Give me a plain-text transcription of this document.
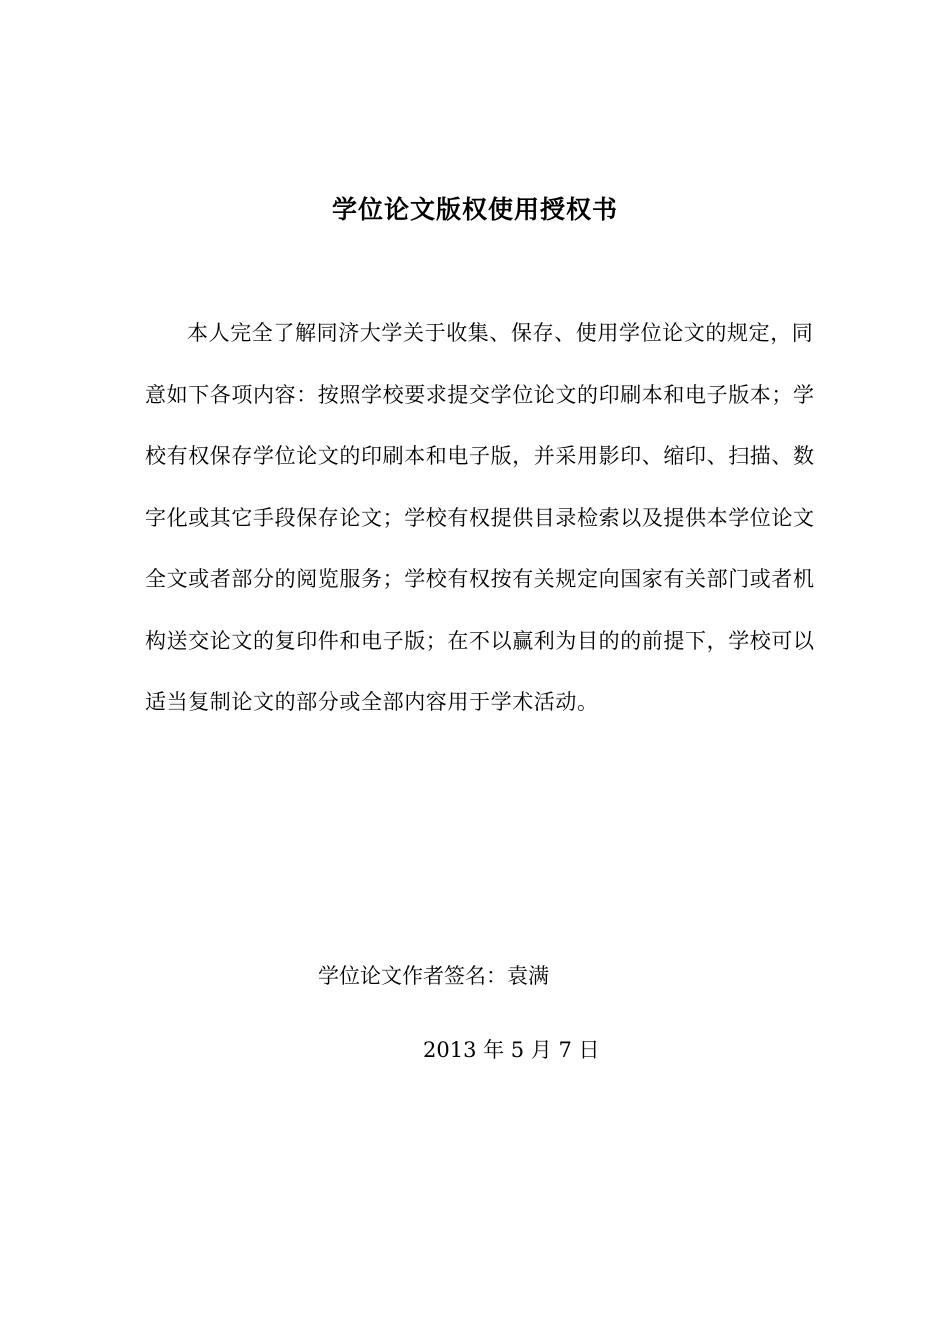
学位论文版权使用授权书

本人完全了解同济大学关于收集、保存、使用学位论文的规定，同意如下各项内容：按照学校要求提交学位论文的印刷本和电子版本；学校有权保存学位论文的印刷本和电子版，并采用影印、缩印、扫描、数字化或其它手段保存论文；学校有权提供目录检索以及提供本学位论文全文或者部分的阅览服务；学校有权按有关规定向国家有关部门或者机构送交论文的复印件和电子版；在不以赢利为目的的前提下，学校可以适当复制论文的部分或全部内容用于学术活动。

学位论文作者签名：袁满
2013 年 5 月 7 日
